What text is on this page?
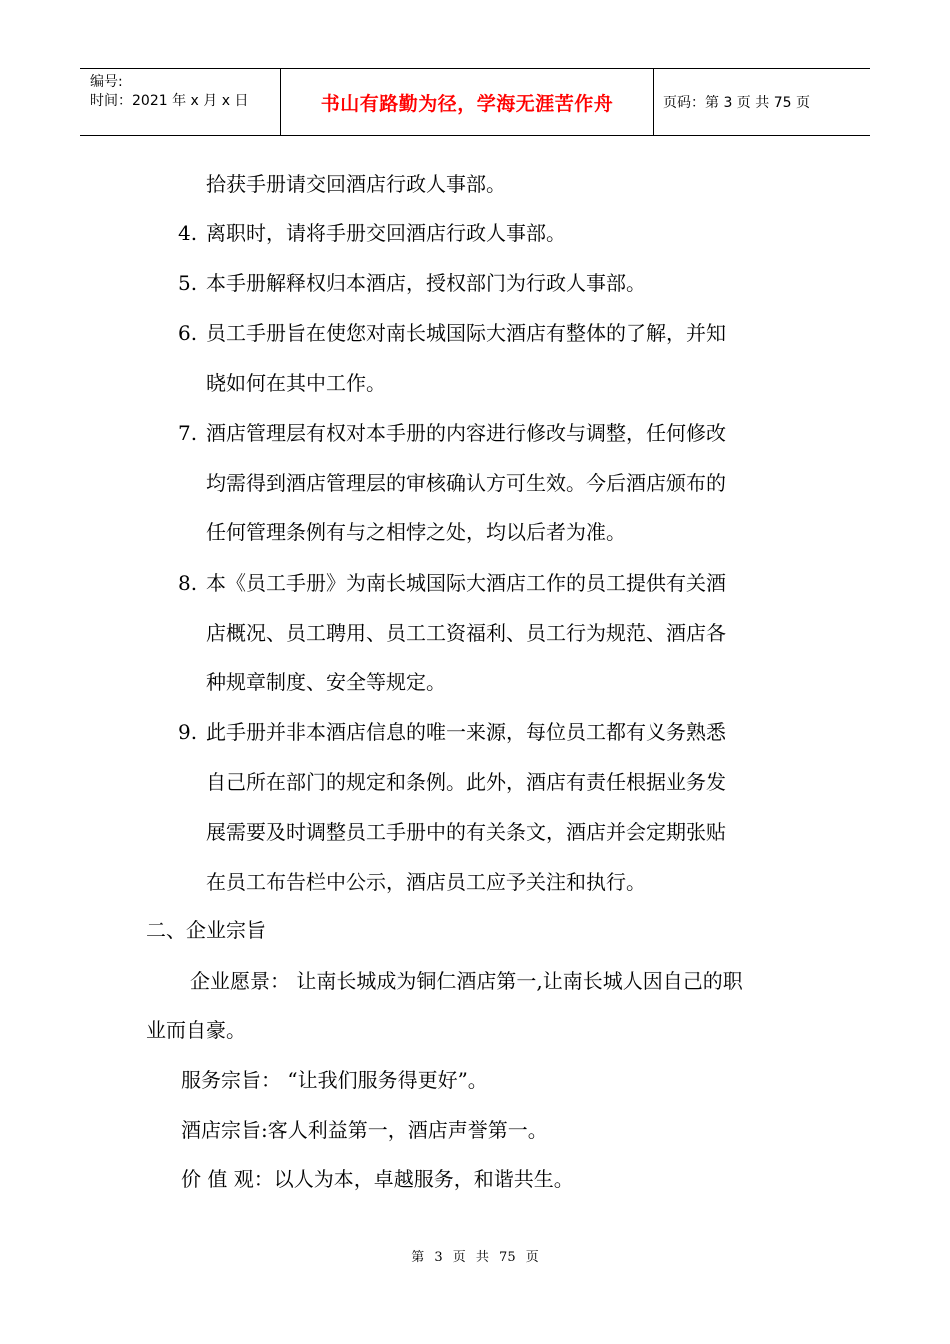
编号:
时间：2021 年 x 月 x 日	书山有路勤为径，学海无涯苦作舟	页码：第 3 页 共 75 页
拾获手册请交回酒店行政人事部。
4. 离职时，请将手册交回酒店行政人事部。
5. 本手册解释权归本酒店，授权部门为行政人事部。
6. 员工手册旨在使您对南长城国际大酒店有整体的了解，并知
晓如何在其中工作。
7. 酒店管理层有权对本手册的内容进行修改与调整，任何修改
均需得到酒店管理层的审核确认方可生效。今后酒店颁布的
任何管理条例有与之相悖之处，均以后者为准。
8. 本《员工手册》为南长城国际大酒店工作的员工提供有关酒
店概况、员工聘用、员工工资福利、员工行为规范、酒店各
种规章制度、安全等规定。
9. 此手册并非本酒店信息的唯一来源，每位员工都有义务熟悉
自己所在部门的规定和条例。此外，酒店有责任根据业务发
展需要及时调整员工手册中的有关条文，酒店并会定期张贴
在员工布告栏中公示，酒店员工应予关注和执行。
二、企业宗旨
企业愿景： 让南长城成为铜仁酒店第一,让南长城人因自己的职
业而自豪。
服务宗旨： “让我们服务得更好”。
酒店宗旨:客人利益第一，酒店声誉第一。
价 值 观：以人为本，卓越服务，和谐共生。
第 3 页 共 75 页
